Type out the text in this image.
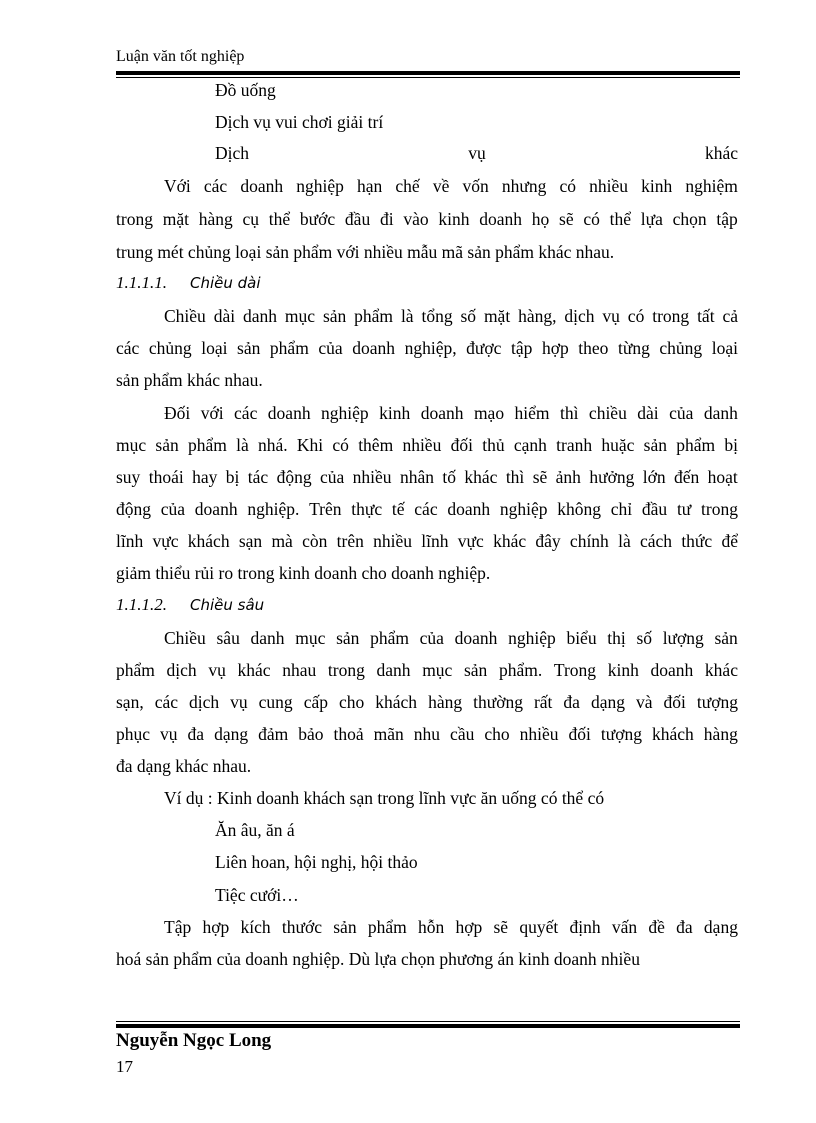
Luận văn tốt nghiệp
Đồ uống
Dịch vụ vui chơi giải trí
Dịch	vụ	khác
Với các doanh nghiệp hạn chế về vốn nhưng có nhiều kinh nghiệm
trong mặt hàng cụ thể bước đầu đi vào kinh doanh họ sẽ có thể lựa chọn tập
trung mét chủng loại sản phẩm với nhiều mẫu mã sản phẩm khác nhau.
1.1.1.1. Chiều dài
Chiều dài danh mục sản phẩm là tổng số mặt hàng, dịch vụ có trong tất cả
các chủng loại sản phẩm của doanh nghiệp, được tập hợp theo từng chủng loại
sản phẩm khác nhau.
Đối với các doanh nghiệp kinh doanh mạo hiểm thì chiều dài của danh
mục sản phẩm là nhá. Khi có thêm nhiều đối thủ cạnh tranh huặc sản phẩm bị
suy thoái hay bị tác động của nhiều nhân tố khác thì sẽ ảnh hưởng lớn đến hoạt
động của doanh nghiệp. Trên thực tế các doanh nghiệp không chỉ đầu tư trong
lĩnh vực khách sạn mà còn trên nhiều lĩnh vực khác đây chính là cách thức để
giảm thiểu rủi ro trong kinh doanh cho doanh nghiệp.
1.1.1.2. Chiều sâu
Chiều sâu danh mục sản phẩm của doanh nghiệp biểu thị số lượng sản
phẩm dịch vụ khác nhau trong danh mục sản phẩm. Trong kinh doanh khác
sạn, các dịch vụ cung cấp cho khách hàng thường rất đa dạng và đối tượng
phục vụ đa dạng đảm bảo thoả mãn nhu cầu cho nhiều đối tượng khách hàng
đa dạng khác nhau.
Ví dụ : Kinh doanh khách sạn trong lĩnh vực ăn uống có thể có
Ăn âu, ăn á
Liên hoan, hội nghị, hội thảo
Tiệc cưới…
Tập hợp kích thước sản phẩm hỗn hợp sẽ quyết định vấn đề đa dạng
hoá sản phẩm của doanh nghiệp. Dù lựa chọn phương án kinh doanh nhiều
Nguyễn Ngọc Long
17
